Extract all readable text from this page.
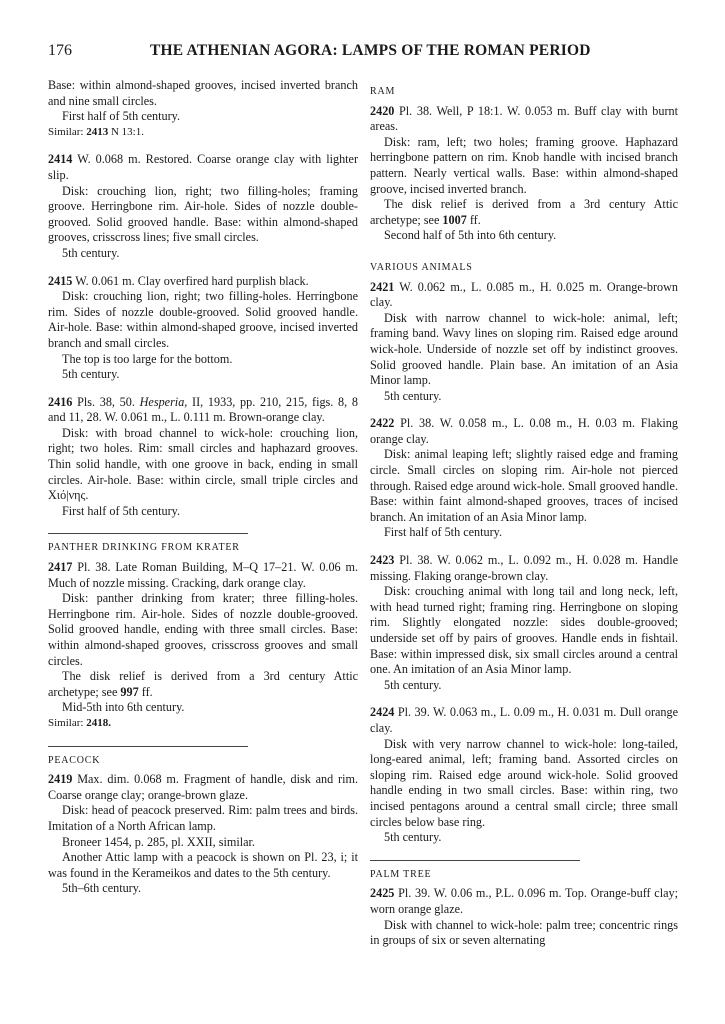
176	THE ATHENIAN AGORA: LAMPS OF THE ROMAN PERIOD

Base: within almond-shaped grooves, incised inverted branch and nine small circles.

First half of 5th century.

Similar: 2413 N 13:1.

2414 W. 0.068 m. Restored. Coarse orange clay with lighter slip.

Disk: crouching lion, right; two filling-holes; framing groove. Herringbone rim. Air-hole. Sides of nozzle double-grooved. Solid grooved handle. Base: within almond-shaped grooves, crisscross lines; five small circles.

5th century.

2415 W. 0.061 m. Clay overfired hard purplish black.

Disk: crouching lion, right; two filling-holes. Herringbone rim. Sides of nozzle double-grooved. Solid grooved handle. Air-hole. Base: within almond-shaped groove, incised inverted branch and small circles.

The top is too large for the bottom.

5th century.

2416 Pls. 38, 50. Hesperia, II, 1933, pp. 210, 215, figs. 8, 8 and 11, 28. W. 0.061 m., L. 0.111 m. Brown-orange clay.

Disk: with broad channel to wick-hole: crouching lion, right; two holes. Rim: small circles and haphazard grooves. Thin solid handle, with one groove in back, ending in small circles. Air-hole. Base: within circle, small triple circles and Χιό|νης.

First half of 5th century.

PANTHER DRINKING FROM KRATER

2417 Pl. 38. Late Roman Building, M–Q 17–21. W. 0.06 m. Much of nozzle missing. Cracking, dark orange clay.

Disk: panther drinking from krater; three filling-holes. Herringbone rim. Air-hole. Sides of nozzle double-grooved. Solid grooved handle, ending with three small circles. Base: within almond-shaped grooves, crisscross grooves and small circles.

The disk relief is derived from a 3rd century Attic archetype; see 997 ff.

Mid-5th into 6th century.

Similar: 2418.

PEACOCK

2419 Max. dim. 0.068 m. Fragment of handle, disk and rim. Coarse orange clay; orange-brown glaze.

Disk: head of peacock preserved. Rim: palm trees and birds. Imitation of a North African lamp.

Broneer 1454, p. 285, pl. XXII, similar.

Another Attic lamp with a peacock is shown on Pl. 23, i; it was found in the Kerameikos and dates to the 5th century.

5th–6th century.

RAM

2420 Pl. 38. Well, P 18:1. W. 0.053 m. Buff clay with burnt areas.

Disk: ram, left; two holes; framing groove. Haphazard herringbone pattern on rim. Knob handle with incised branch pattern. Nearly vertical walls. Base: within almond-shaped groove, incised inverted branch.

The disk relief is derived from a 3rd century Attic archetype; see 1007 ff.

Second half of 5th into 6th century.

VARIOUS ANIMALS

2421 W. 0.062 m., L. 0.085 m., H. 0.025 m. Orange-brown clay.

Disk with narrow channel to wick-hole: animal, left; framing band. Wavy lines on sloping rim. Raised edge around wick-hole. Underside of nozzle set off by indistinct grooves. Solid grooved handle. Plain base. An imitation of an Asia Minor lamp.

5th century.

2422 Pl. 38. W. 0.058 m., L. 0.08 m., H. 0.03 m. Flaking orange clay.

Disk: animal leaping left; slightly raised edge and framing circle. Small circles on sloping rim. Air-hole not pierced through. Raised edge around wick-hole. Small grooved handle. Base: within faint almond-shaped grooves, traces of incised branch. An imitation of an Asia Minor lamp.

First half of 5th century.

2423 Pl. 38. W. 0.062 m., L. 0.092 m., H. 0.028 m. Handle missing. Flaking orange-brown clay.

Disk: crouching animal with long tail and long neck, left, with head turned right; framing ring. Herringbone on sloping rim. Slightly elongated nozzle: sides double-grooved; underside set off by pairs of grooves. Handle ends in fishtail. Base: within impressed disk, six small circles around a central one. An imitation of an Asia Minor lamp.

5th century.

2424 Pl. 39. W. 0.063 m., L. 0.09 m., H. 0.031 m. Dull orange clay.

Disk with very narrow channel to wick-hole: long-tailed, long-eared animal, left; framing band. Assorted circles on sloping rim. Raised edge around wick-hole. Solid grooved handle ending in two small circles. Base: within ring, two incised pentagons around a central small circle; three small circles below base ring.

5th century.

PALM TREE

2425 Pl. 39. W. 0.06 m., P.L. 0.096 m. Top. Orange-buff clay; worn orange glaze.

Disk with channel to wick-hole: palm tree; concentric rings in groups of six or seven alternating
